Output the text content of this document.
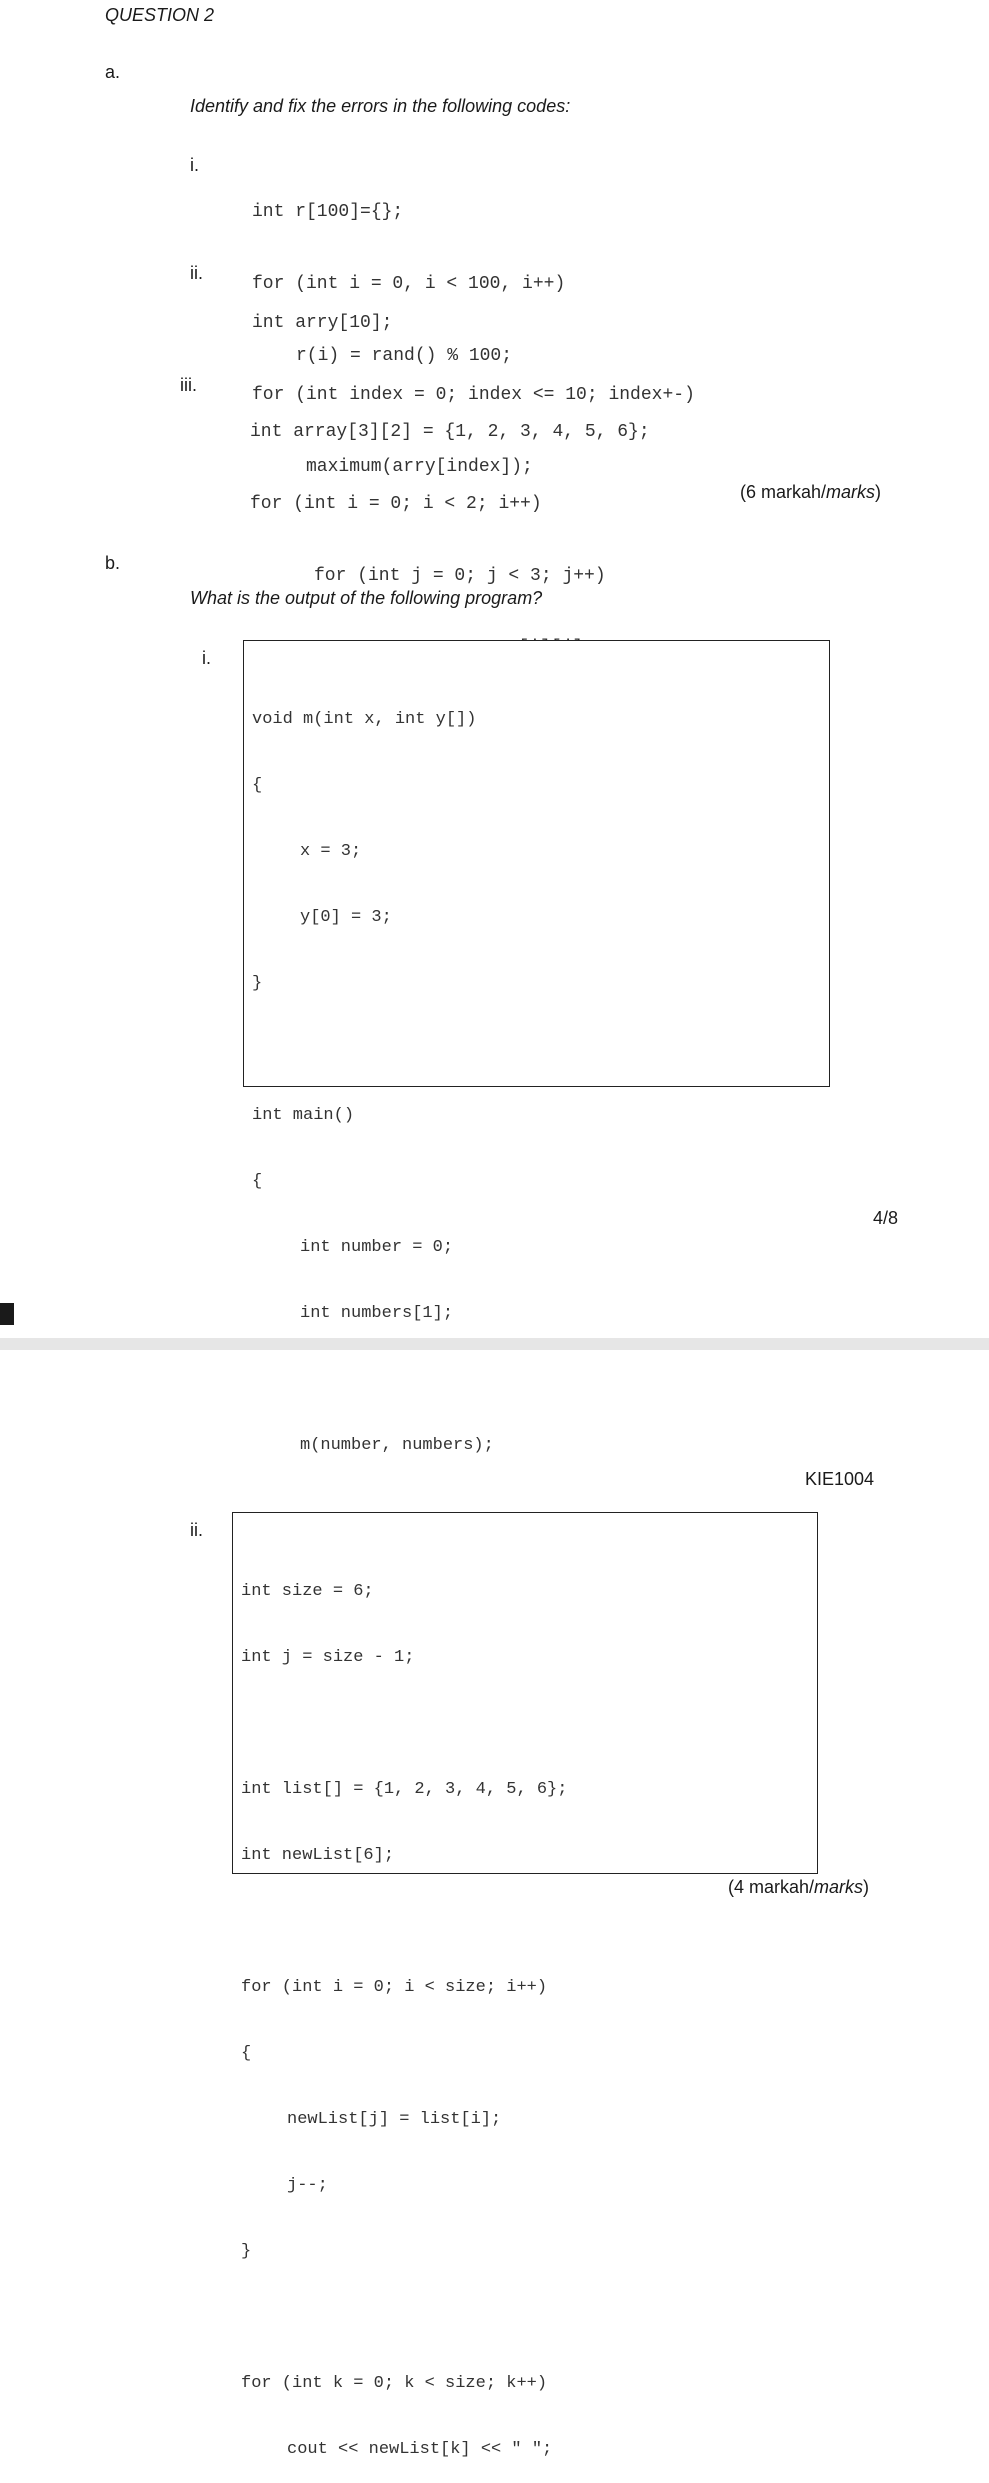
QUESTION 2
a.
Identify and fix the errors in the following codes:
i.

int r[100]={};

for (int i = 0, i < 100, i++)

r(i) = rand() % 100;

ii.

int arry[10];

for (int index = 0; index <= 10; index+-)

maximum(arry[index]);

iii.

int array[3][2] = {1, 2, 3, 4, 5, 6};

for (int i = 0; i < 2; i++)

for (int j = 0; j < 3; j++)

(6 markah/marks)
b.
What is the output of the following program?
i.

void m(int x, int y[])

{

x = 3;

y[0] = 3;

}

int main()

{

int number = 0;

int numbers[1];

m(number, numbers);

4/8
KIE1004
ii.

int size = 6;

int j = size - 1;

int list[] = {1, 2, 3, 4, 5, 6};

int newList[6];

for (int i = 0; i < size; i++)

{

newList[j] = list[i];

j--;

}

for (int k = 0; k < size; k++)

cout << newList[k] << " ";

(4 markah/marks)
